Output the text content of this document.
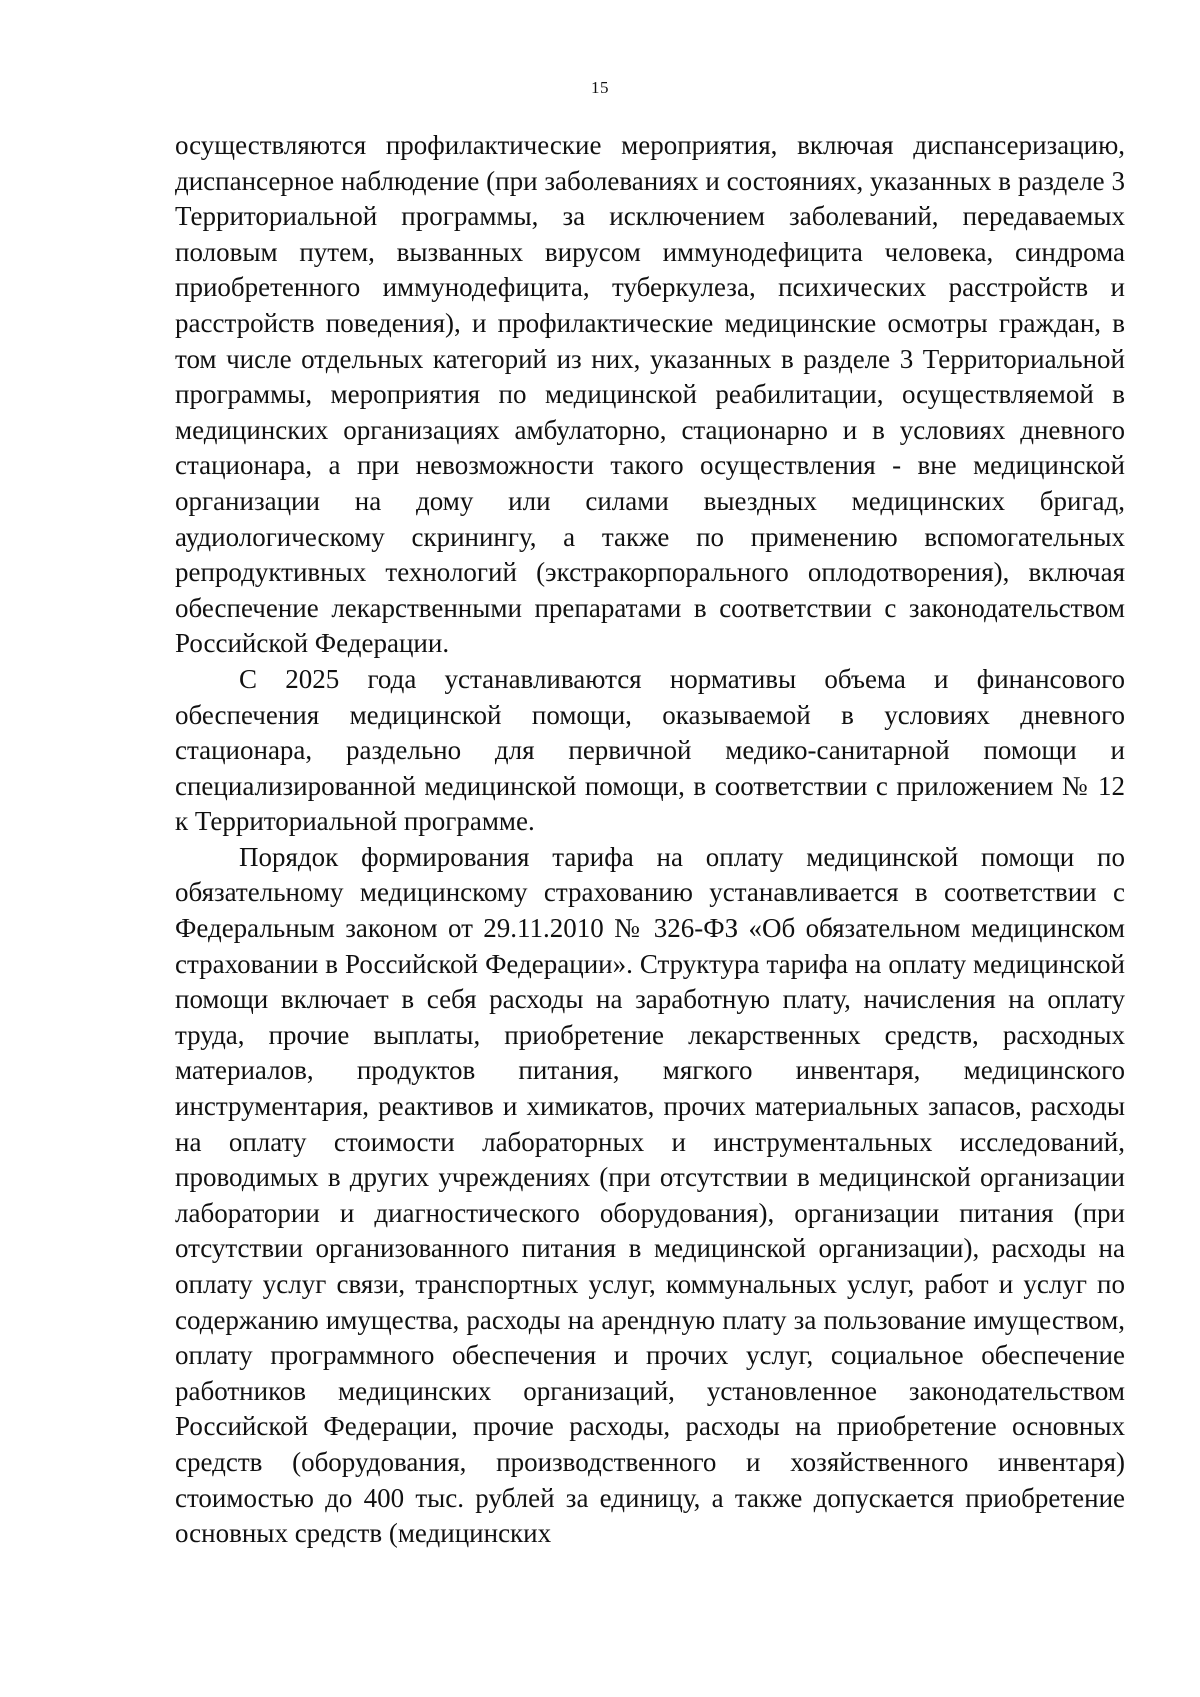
15

осуществляются профилактические мероприятия, включая диспансеризацию, диспансерное наблюдение (при заболеваниях и состояниях, указанных в разделе 3 Территориальной программы, за исключением заболеваний, передаваемых половым путем, вызванных вирусом иммунодефицита человека, синдрома приобретенного иммунодефицита, туберкулеза, психических расстройств и расстройств поведения), и профилактические медицинские осмотры граждан, в том числе отдельных категорий из них, указанных в разделе 3 Территориальной программы, мероприятия по медицинской реабилитации, осуществляемой в медицинских организациях амбулаторно, стационарно и в условиях дневного стационара, а при невозможности такого осуществления - вне медицинской организации на дому или силами выездных медицинских бригад, аудиологическому скринингу, а также по применению вспомогательных репродуктивных технологий (экстракорпорального оплодотворения), включая обеспечение лекарственными препаратами в соответствии с законодательством Российской Федерации.

С 2025 года устанавливаются нормативы объема и финансового обеспечения медицинской помощи, оказываемой в условиях дневного стационара, раздельно для первичной медико-санитарной помощи и специализированной медицинской помощи, в соответствии с приложением № 12 к Территориальной программе.

Порядок формирования тарифа на оплату медицинской помощи по обязательному медицинскому страхованию устанавливается в соответствии с Федеральным законом от 29.11.2010 № 326-ФЗ «Об обязательном медицинском страховании в Российской Федерации». Структура тарифа на оплату медицинской помощи включает в себя расходы на заработную плату, начисления на оплату труда, прочие выплаты, приобретение лекарственных средств, расходных материалов, продуктов питания, мягкого инвентаря, медицинского инструментария, реактивов и химикатов, прочих материальных запасов, расходы на оплату стоимости лабораторных и инструментальных исследований, проводимых в других учреждениях (при отсутствии в медицинской организации лаборатории и диагностического оборудования), организации питания (при отсутствии организованного питания в медицинской организации), расходы на оплату услуг связи, транспортных услуг, коммунальных услуг, работ и услуг по содержанию имущества, расходы на арендную плату за пользование имуществом, оплату программного обеспечения и прочих услуг, социальное обеспечение работников медицинских организаций, установленное законодательством Российской Федерации, прочие расходы, расходы на приобретение основных средств (оборудования, производственного и хозяйственного инвентаря) стоимостью до 400 тыс. рублей за единицу, а также допускается приобретение основных средств (медицинских
